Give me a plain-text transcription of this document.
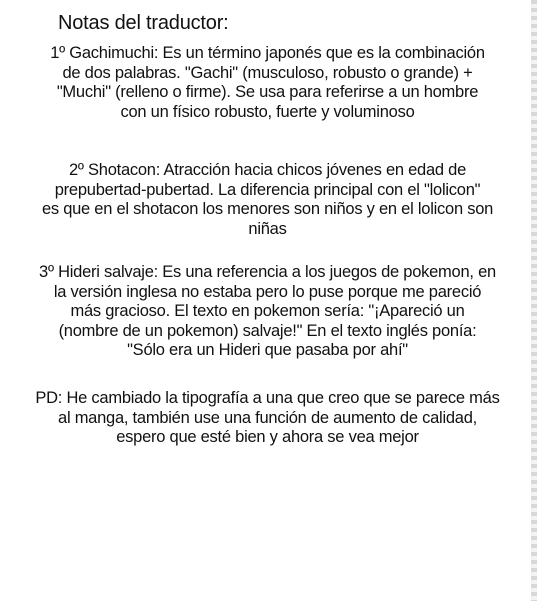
Notas del traductor:
1º Gachimuchi: Es un término japonés que es la combinación
de dos palabras. "Gachi" (musculoso, robusto o grande) +
"Muchi" (relleno o firme). Se usa para referirse a un hombre
con un físico robusto, fuerte y voluminoso
2º Shotacon: Atracción hacia chicos jóvenes en edad de
prepubertad-pubertad. La diferencia principal con el "lolicon"
es que en el shotacon los menores son niños y en el lolicon son
niñas
3º Hideri salvaje: Es una referencia a los juegos de pokemon, en
la versión inglesa no estaba pero lo puse porque me pareció
más gracioso. El texto en pokemon sería: "¡Apareció un
(nombre de un pokemon) salvaje!" En el texto inglés ponía:
"Sólo era un Hideri que pasaba por ahí"
PD: He cambiado la tipografía a una que creo que se parece más
al manga, también use una función de aumento de calidad,
espero que esté bien y ahora se vea mejor
